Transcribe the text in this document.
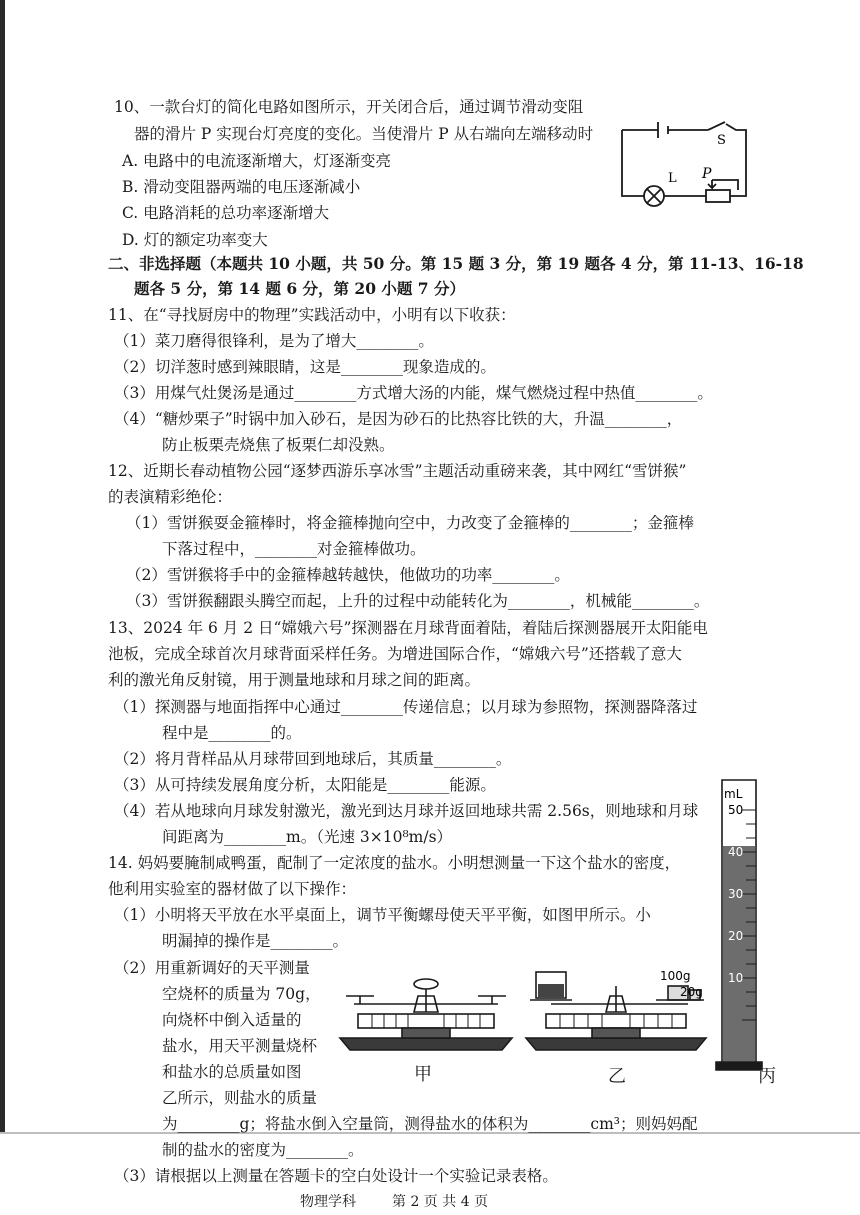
10、一款台灯的简化电路如图所示，开关闭合后，通过调节滑动变阻
器的滑片 P 实现台灯亮度的变化。当使滑片 P 从右端向左端移动时
A. 电路中的电流逐渐增大，灯逐渐变亮
B. 滑动变阻器两端的电压逐渐减小
C. 电路消耗的总功率逐渐增大
D. 灯的额定功率变大
S
L P
二、非选择题（本题共 10 小题，共 50 分。第 15 题 3 分，第 19 题各 4 分，第 11-13、16-18
题各 5 分，第 14 题 6 分，第 20 小题 7 分）
11、在“寻找厨房中的物理”实践活动中，小明有以下收获：
（1）菜刀磨得很锋利，是为了增大________。
（2）切洋葱时感到辣眼睛，这是________现象造成的。
（3）用煤气灶煲汤是通过________方式增大汤的内能，煤气燃烧过程中热值________。
（4）“糖炒栗子”时锅中加入砂石，是因为砂石的比热容比铁的大，升温________，
防止板栗壳烧焦了板栗仁却没熟。
12、近期长春动植物公园“逐梦西游乐享冰雪”主题活动重磅来袭，其中网红“雪饼猴”
的表演精彩绝伦：
（1）雪饼猴耍金箍棒时，将金箍棒抛向空中，力改变了金箍棒的________；金箍棒
下落过程中，________对金箍棒做功。
（2）雪饼猴将手中的金箍棒越转越快，他做功的功率________。
（3）雪饼猴翻跟头腾空而起，上升的过程中动能转化为________，机械能________。
13、2024 年 6 月 2 日“嫦娥六号”探测器在月球背面着陆，着陆后探测器展开太阳能电
池板，完成全球首次月球背面采样任务。为增进国际合作，“嫦娥六号”还搭载了意大
利的激光角反射镜，用于测量地球和月球之间的距离。
（1）探测器与地面指挥中心通过________传递信息；以月球为参照物，探测器降落过
程中是________的。
（2）将月背样品从月球带回到地球后，其质量________。
（3）从可持续发展角度分析，太阳能是________能源。
（4）若从地球向月球发射激光，激光到达月球并返回地球共需 2.56s，则地球和月球
间距离为________m。（光速 3×10⁸m/s）
14. 妈妈要腌制咸鸭蛋，配制了一定浓度的盐水。小明想测量一下这个盐水的密度，
他利用实验室的器材做了以下操作：
（1）小明将天平放在水平桌面上，调节平衡螺母使天平平衡，如图甲所示。小
明漏掉的操作是________。
（2）用重新调好的天平测量
空烧杯的质量为 70g，
向烧杯中倒入适量的
盐水，用天平测量烧杯
和盐水的总质量如图
乙所示，则盐水的质量
为________g；将盐水倒入空量筒，测得盐水的体积为________cm³；则妈妈配
制的盐水的密度为________。
（3）请根据以上测量在答题卡的空白处设计一个实验记录表格。
甲
100g
20g
乙
mL
50
40
30
20
10
丙
物理学科	第 2 页 共 4 页
